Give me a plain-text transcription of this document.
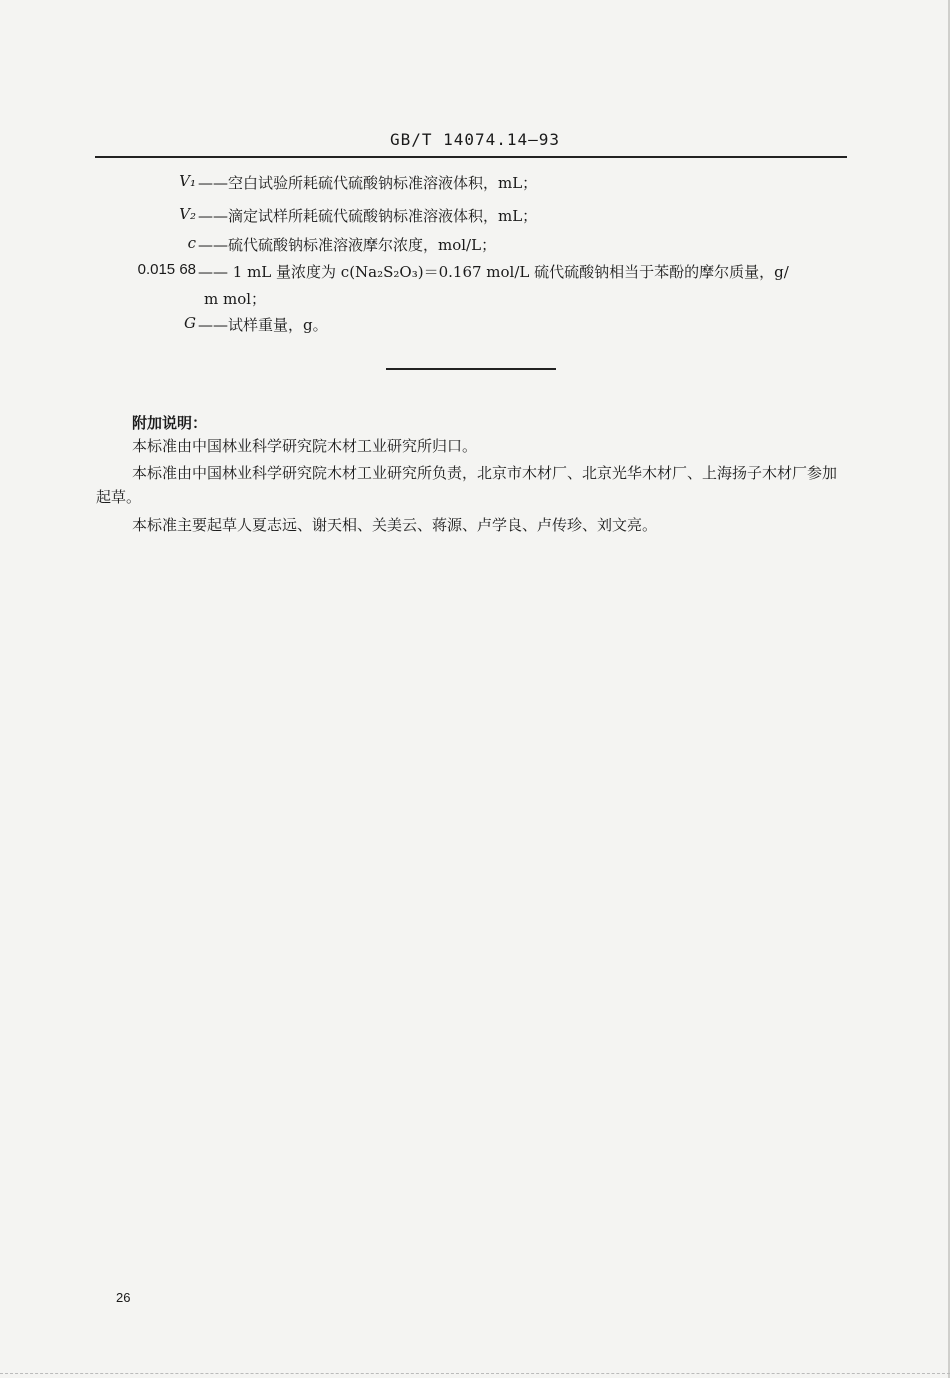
GB/T 14074.14—93
V₁ ——空白试验所耗硫代硫酸钠标准溶液体积，mL；
V₂ ——滴定试样所耗硫代硫酸钠标准溶液体积，mL；
c ——硫代硫酸钠标准溶液摩尔浓度，mol/L；
0.015 68 —— 1 mL 量浓度为 c(Na₂S₂O₃)＝0.167 mol/L 硫代硫酸钠相当于苯酚的摩尔质量，g/
m mol；
G ——试样重量，g。
附加说明：
本标准由中国林业科学研究院木材工业研究所归口。
本标准由中国林业科学研究院木材工业研究所负责，北京市木材厂、北京光华木材厂、上海扬子木材厂参加起草。
本标准主要起草人夏志远、谢天相、关美云、蒋源、卢学良、卢传珍、刘文亮。
26
